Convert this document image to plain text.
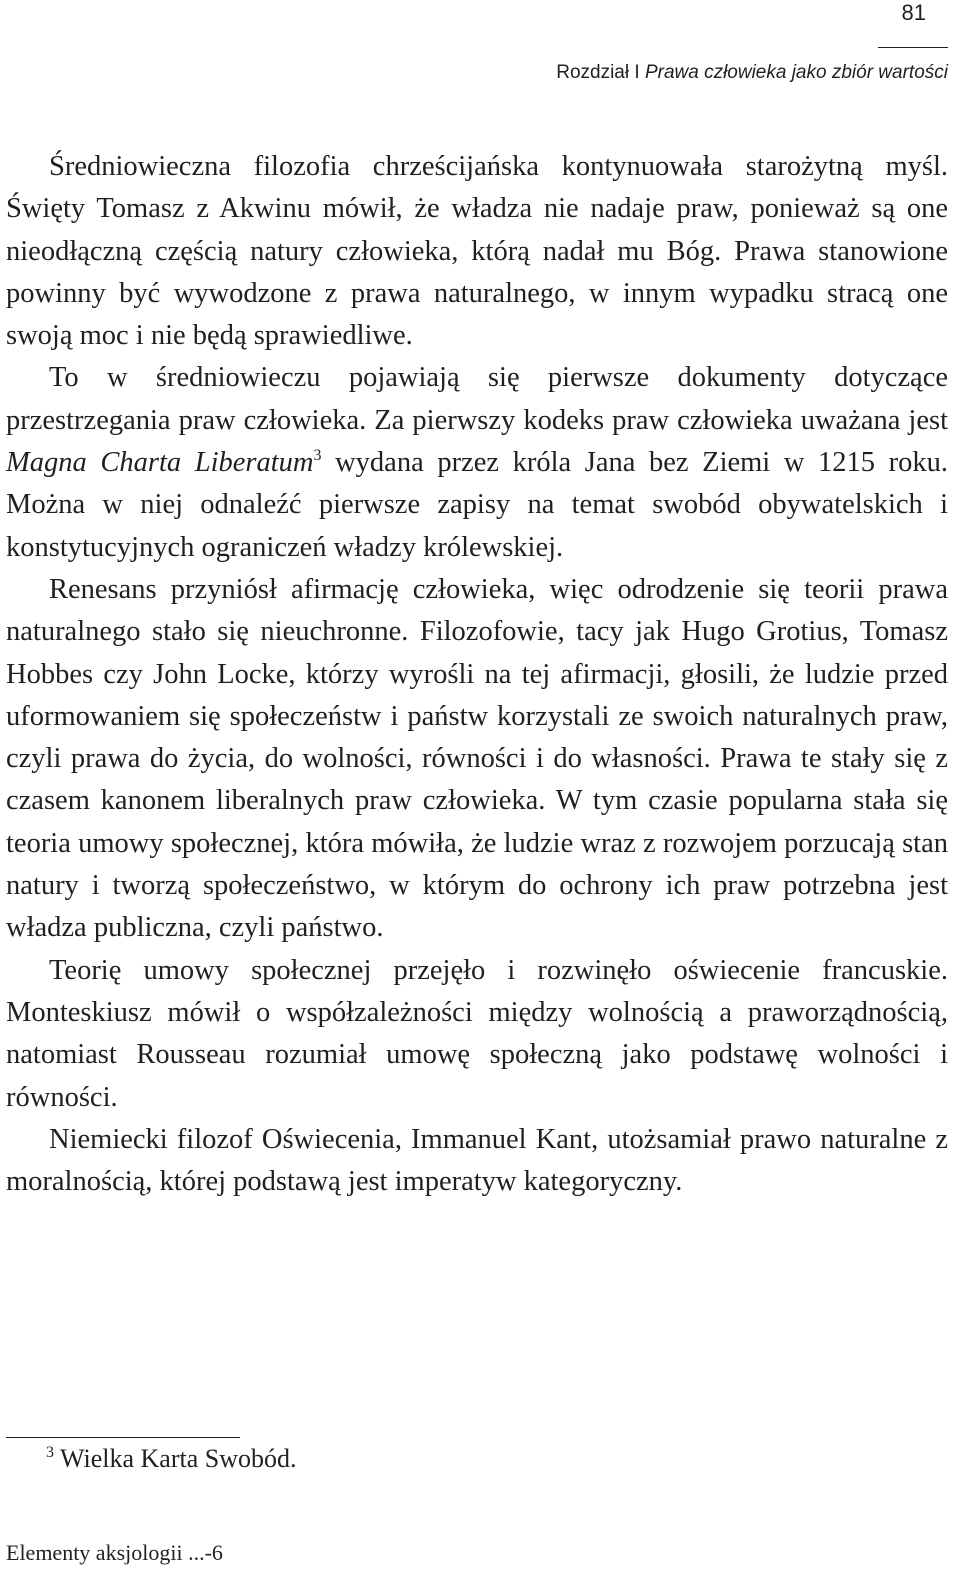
81
Rozdział I Prawa człowieka jako zbiór wartości

Średniowieczna filozofia chrześcijańska kontynuowała starożytną myśl. Święty Tomasz z Akwinu mówił, że władza nie nadaje praw, ponieważ są one nieodłączną częścią natury człowieka, którą nadał mu Bóg. Prawa stanowione powinny być wywodzone z prawa naturalnego, w innym wypadku stracą one swoją moc i nie będą sprawiedliwe.

To w średniowieczu pojawiają się pierwsze dokumenty dotyczące przestrzegania praw człowieka. Za pierwszy kodeks praw człowieka uważana jest Magna Charta Liberatum$^3$ wydana przez króla Jana bez Ziemi w 1215 roku. Można w niej odnaleźć pierwsze zapisy na temat swobód obywatelskich i konstytucyjnych ograniczeń władzy królewskiej.

Renesans przyniósł afirmację człowieka, więc odrodzenie się teorii prawa naturalnego stało się nieuchronne. Filozofowie, tacy jak Hugo Grotius, Tomasz Hobbes czy John Locke, którzy wyrośli na tej afirmacji, głosili, że ludzie przed uformowaniem się społeczeństw i państw korzystali ze swoich naturalnych praw, czyli prawa do życia, do wolności, równości i do własności. Prawa te stały się z czasem kanonem liberalnych praw człowieka. W tym czasie popularna stała się teoria umowy społecznej, która mówiła, że ludzie wraz z rozwojem porzucają stan natury i tworzą społeczeństwo, w którym do ochrony ich praw potrzebna jest władza publiczna, czyli państwo.

Teorię umowy społecznej przejęło i rozwinęło oświecenie francuskie. Monteskiusz mówił o współzależności między wolnością a praworządnością, natomiast Rousseau rozumiał umowę społeczną jako podstawę wolności i równości.

Niemiecki filozof Oświecenia, Immanuel Kant, utożsamiał prawo naturalne z moralnością, której podstawą jest imperatyw kategoryczny.

$^3$ Wielka Karta Swobód.
Elementy aksjologii ...-6
